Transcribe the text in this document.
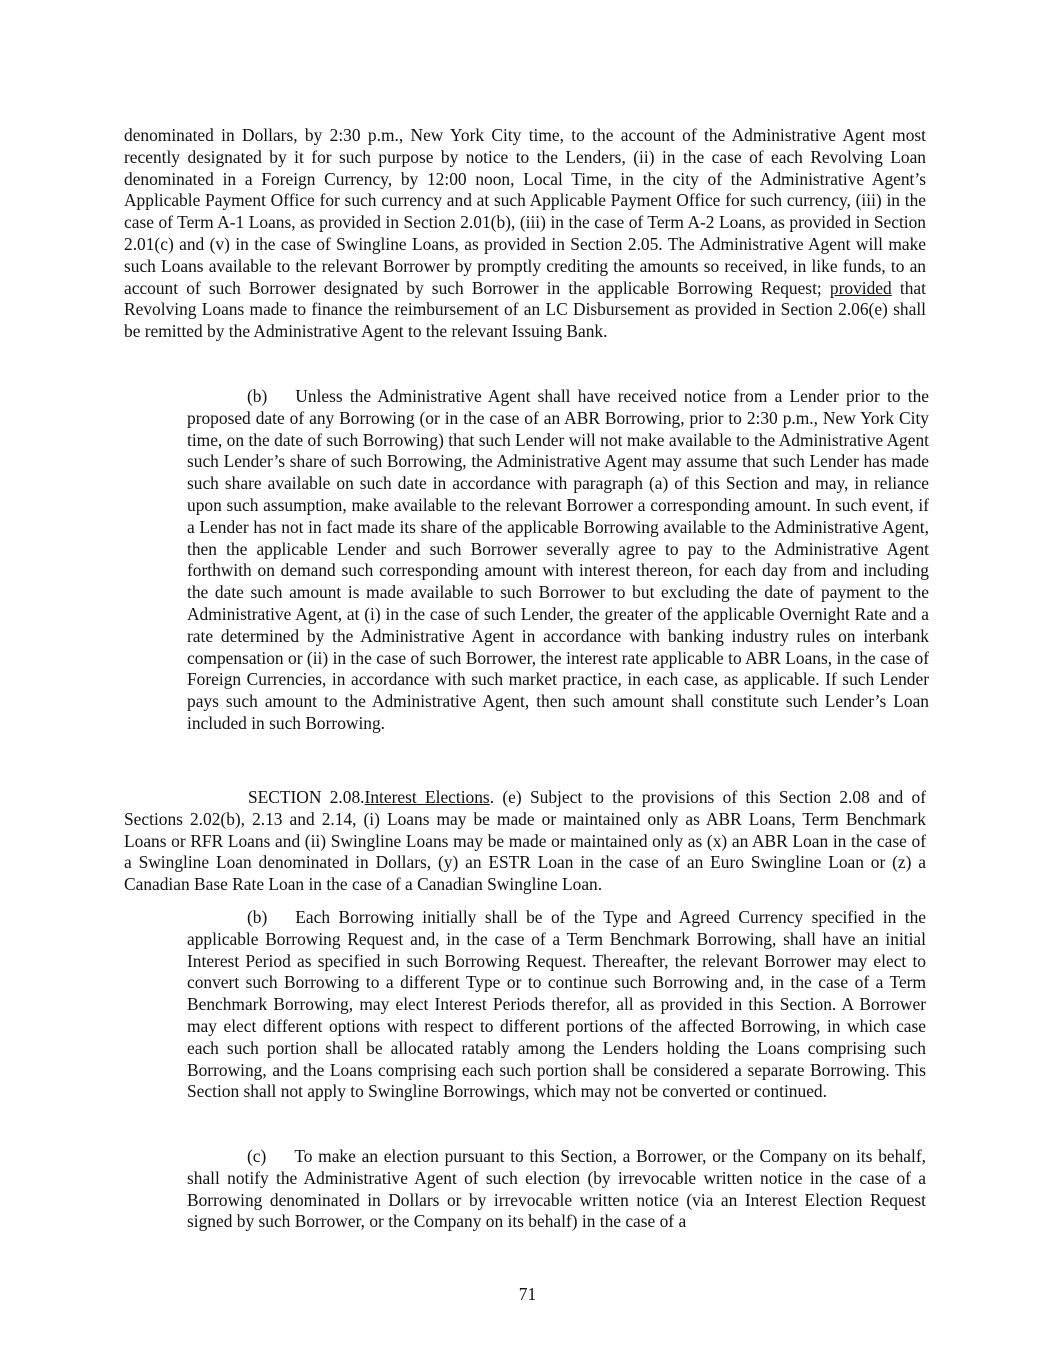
denominated in Dollars, by 2:30 p.m., New York City time, to the account of the Administrative Agent most recently designated by it for such purpose by notice to the Lenders, (ii) in the case of each Revolving Loan denominated in a Foreign Currency, by 12:00 noon, Local Time, in the city of the Administrative Agent’s Applicable Payment Office for such currency and at such Applicable Payment Office for such currency, (iii) in the case of Term A-1 Loans, as provided in Section 2.01(b), (iii) in the case of Term A-2 Loans, as provided in Section 2.01(c) and (v) in the case of Swingline Loans, as provided in Section 2.05. The Administrative Agent will make such Loans available to the relevant Borrower by promptly crediting the amounts so received, in like funds, to an account of such Borrower designated by such Borrower in the applicable Borrowing Request; provided that Revolving Loans made to finance the reimbursement of an LC Disbursement as provided in Section 2.06(e) shall be remitted by the Administrative Agent to the relevant Issuing Bank.

(b) Unless the Administrative Agent shall have received notice from a Lender prior to the proposed date of any Borrowing (or in the case of an ABR Borrowing, prior to 2:30 p.m., New York City time, on the date of such Borrowing) that such Lender will not make available to the Administrative Agent such Lender’s share of such Borrowing, the Administrative Agent may assume that such Lender has made such share available on such date in accordance with paragraph (a) of this Section and may, in reliance upon such assumption, make available to the relevant Borrower a corresponding amount. In such event, if a Lender has not in fact made its share of the applicable Borrowing available to the Administrative Agent, then the applicable Lender and such Borrower severally agree to pay to the Administrative Agent forthwith on demand such corresponding amount with interest thereon, for each day from and including the date such amount is made available to such Borrower to but excluding the date of payment to the Administrative Agent, at (i) in the case of such Lender, the greater of the applicable Overnight Rate and a rate determined by the Administrative Agent in accordance with banking industry rules on interbank compensation or (ii) in the case of such Borrower, the interest rate applicable to ABR Loans, in the case of Foreign Currencies, in accordance with such market practice, in each case, as applicable. If such Lender pays such amount to the Administrative Agent, then such amount shall constitute such Lender’s Loan included in such Borrowing.

SECTION 2.08.Interest Elections. (e) Subject to the provisions of this Section 2.08 and of Sections 2.02(b), 2.13 and 2.14, (i) Loans may be made or maintained only as ABR Loans, Term Benchmark Loans or RFR Loans and (ii) Swingline Loans may be made or maintained only as (x) an ABR Loan in the case of a Swingline Loan denominated in Dollars, (y) an ESTR Loan in the case of an Euro Swingline Loan or (z) a Canadian Base Rate Loan in the case of a Canadian Swingline Loan.

(b) Each Borrowing initially shall be of the Type and Agreed Currency specified in the applicable Borrowing Request and, in the case of a Term Benchmark Borrowing, shall have an initial Interest Period as specified in such Borrowing Request. Thereafter, the relevant Borrower may elect to convert such Borrowing to a different Type or to continue such Borrowing and, in the case of a Term Benchmark Borrowing, may elect Interest Periods therefor, all as provided in this Section. A Borrower may elect different options with respect to different portions of the affected Borrowing, in which case each such portion shall be allocated ratably among the Lenders holding the Loans comprising such Borrowing, and the Loans comprising each such portion shall be considered a separate Borrowing. This Section shall not apply to Swingline Borrowings, which may not be converted or continued.

(c) To make an election pursuant to this Section, a Borrower, or the Company on its behalf, shall notify the Administrative Agent of such election (by irrevocable written notice in the case of a Borrowing denominated in Dollars or by irrevocable written notice (via an Interest Election Request signed by such Borrower, or the Company on its behalf) in the case of a

71
